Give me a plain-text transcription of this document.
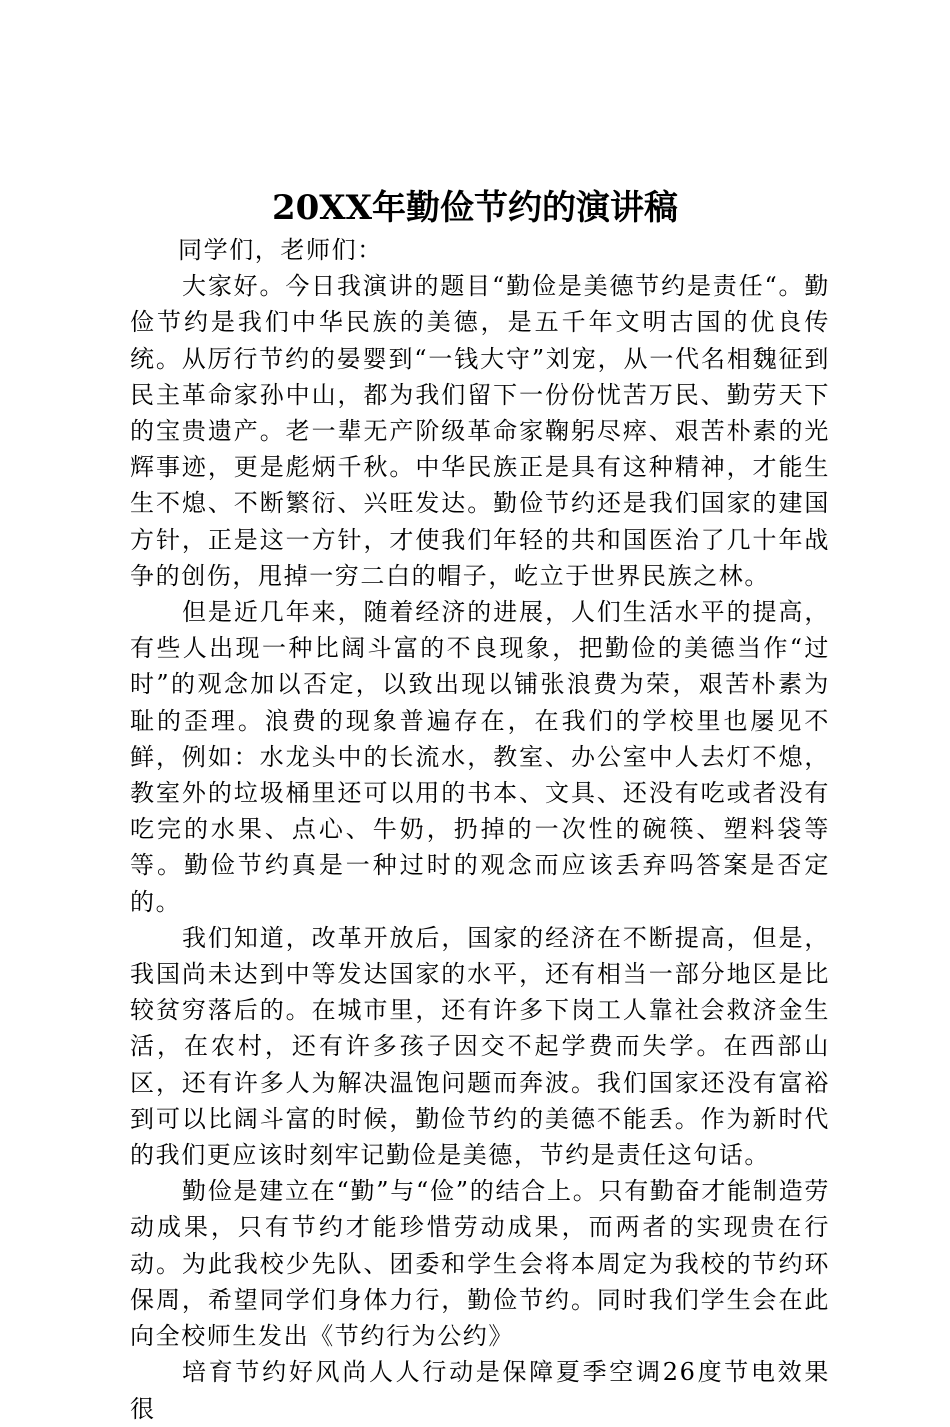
20XX年勤俭节约的演讲稿

同学们，老师们：

大家好。今日我演讲的题目“勤俭是美德节约是责任“。勤俭节约是我们中华民族的美德，是五千年文明古国的优良传统。从厉行节约的晏婴到“一钱大守”刘宠，从一代名相魏征到民主革命家孙中山，都为我们留下一份份忧苦万民、勤劳天下的宝贵遗产。老一辈无产阶级革命家鞠躬尽瘁、艰苦朴素的光辉事迹，更是彪炳千秋。中华民族正是具有这种精神，才能生生不熄、不断繁衍、兴旺发达。勤俭节约还是我们国家的建国方针，正是这一方针，才使我们年轻的共和国医治了几十年战争的创伤，甩掉一穷二白的帽子，屹立于世界民族之林。

但是近几年来，随着经济的进展，人们生活水平的提高，有些人出现一种比阔斗富的不良现象，把勤俭的美德当作“过时”的观念加以否定，以致出现以铺张浪费为荣，艰苦朴素为耻的歪理。浪费的现象普遍存在，在我们的学校里也屡见不鲜，例如：水龙头中的长流水，教室、办公室中人去灯不熄，教室外的垃圾桶里还可以用的书本、文具、还没有吃或者没有吃完的水果、点心、牛奶，扔掉的一次性的碗筷、塑料袋等等。勤俭节约真是一种过时的观念而应该丢弃吗答案是否定的。

我们知道，改革开放后，国家的经济在不断提高，但是，我国尚未达到中等发达国家的水平，还有相当一部分地区是比较贫穷落后的。在城市里，还有许多下岗工人靠社会救济金生活，在农村，还有许多孩子因交不起学费而失学。在西部山区，还有许多人为解决温饱问题而奔波。我们国家还没有富裕到可以比阔斗富的时候，勤俭节约的美德不能丢。作为新时代的我们更应该时刻牢记勤俭是美德，节约是责任这句话。

勤俭是建立在“勤”与“俭”的结合上。只有勤奋才能制造劳动成果，只有节约才能珍惜劳动成果，而两者的实现贵在行动。为此我校少先队、团委和学生会将本周定为我校的节约环保周，希望同学们身体力行，勤俭节约。同时我们学生会在此向全校师生发出《节约行为公约》

培育节约好风尚人人行动是保障夏季空调26度节电效果很
